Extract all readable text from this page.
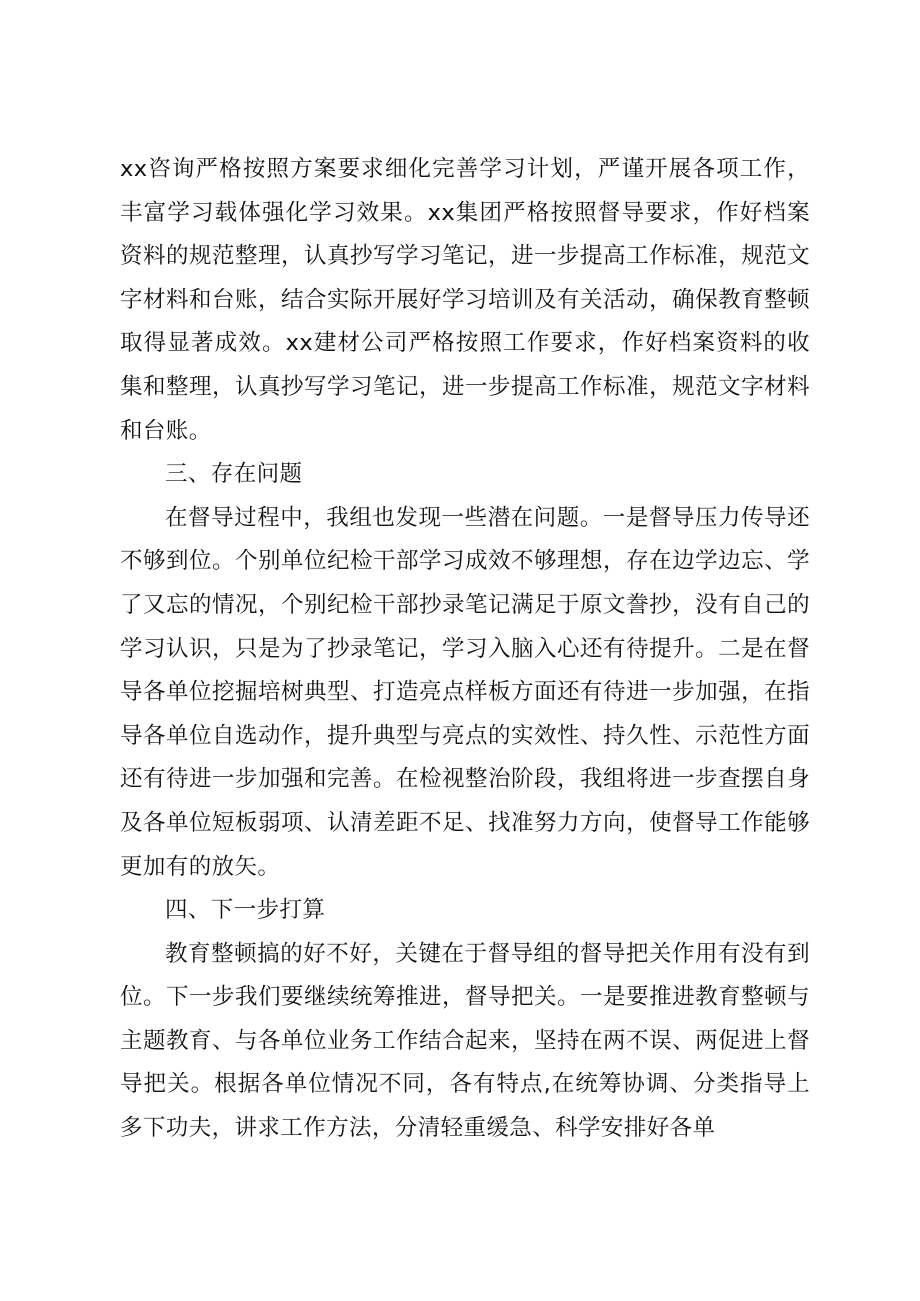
xx咨询严格按照方案要求细化完善学习计划，严谨开展各项工作，丰富学习载体强化学习效果。xx集团严格按照督导要求，作好档案资料的规范整理，认真抄写学习笔记，进一步提高工作标准，规范文字材料和台账，结合实际开展好学习培训及有关活动，确保教育整顿取得显著成效。xx建材公司严格按照工作要求，作好档案资料的收集和整理，认真抄写学习笔记，进一步提高工作标准，规范文字材料和台账。

三、存在问题

在督导过程中，我组也发现一些潜在问题。一是督导压力传导还不够到位。个别单位纪检干部学习成效不够理想，存在边学边忘、学了又忘的情况，个别纪检干部抄录笔记满足于原文誊抄，没有自己的学习认识，只是为了抄录笔记，学习入脑入心还有待提升。二是在督导各单位挖掘培树典型、打造亮点样板方面还有待进一步加强，在指导各单位自选动作，提升典型与亮点的实效性、持久性、示范性方面还有待进一步加强和完善。在检视整治阶段，我组将进一步查摆自身及各单位短板弱项、认清差距不足、找准努力方向，使督导工作能够更加有的放矢。

四、下一步打算

教育整顿搞的好不好，关键在于督导组的督导把关作用有没有到位。下一步我们要继续统筹推进，督导把关。一是要推进教育整顿与主题教育、与各单位业务工作结合起来，坚持在两不误、两促进上督导把关。根据各单位情况不同，各有特点,在统筹协调、分类指导上多下功夫，讲求工作方法，分清轻重缓急、科学安排好各单
